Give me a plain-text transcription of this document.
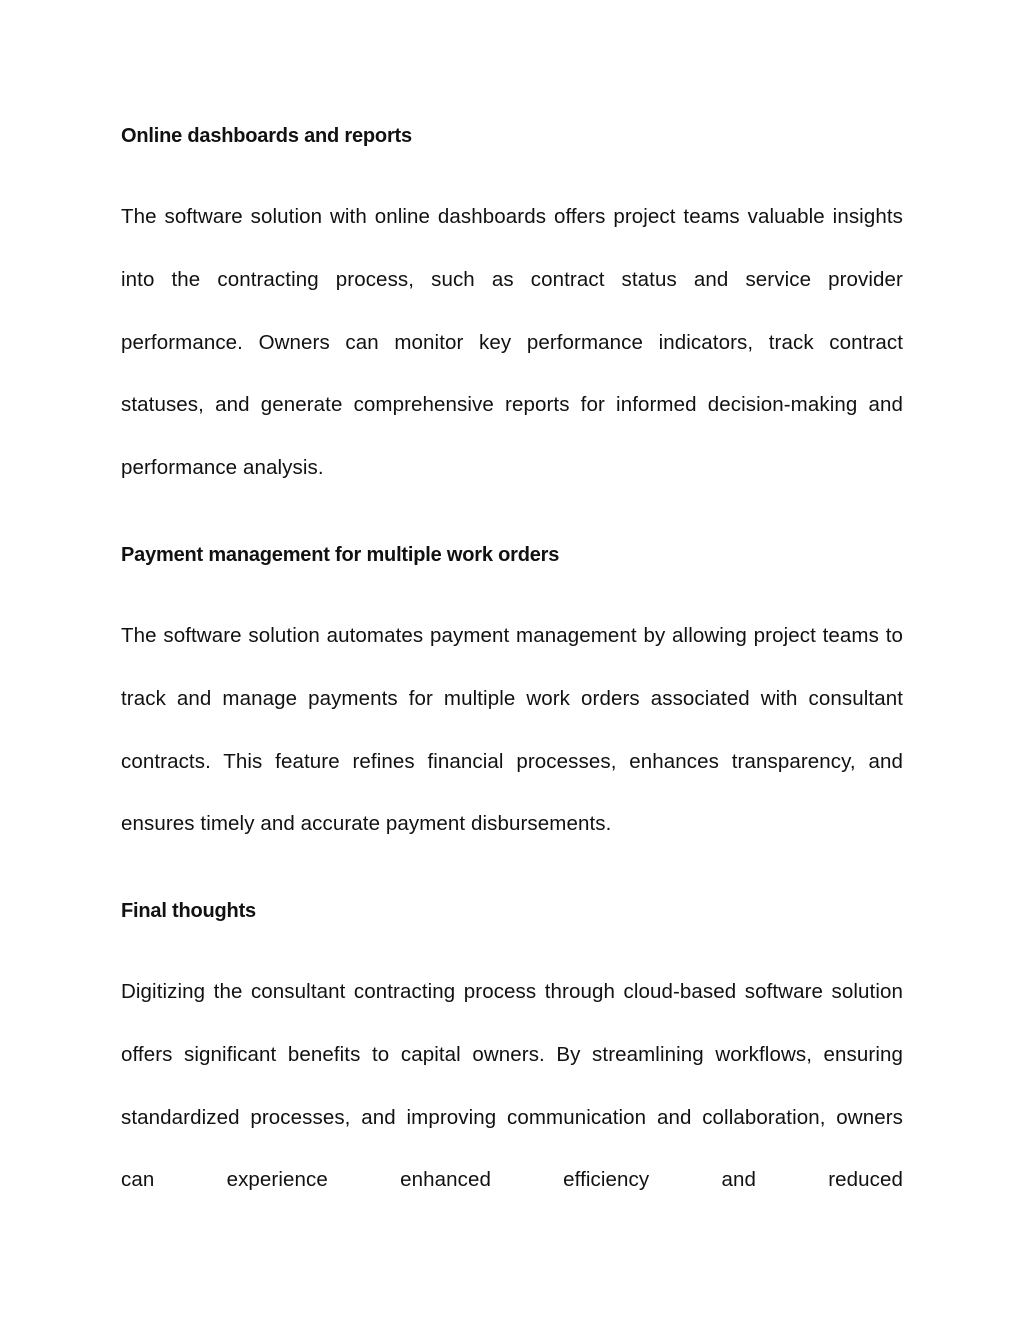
Online dashboards and reports

The software solution with online dashboards offers project teams valuable insights into the contracting process, such as contract status and service provider performance. Owners can monitor key performance indicators, track contract statuses, and generate comprehensive reports for informed decision-making and performance analysis.

Payment management for multiple work orders

The software solution automates payment management by allowing project teams to track and manage payments for multiple work orders associated with consultant contracts. This feature refines financial processes, enhances transparency, and ensures timely and accurate payment disbursements.

Final thoughts

Digitizing the consultant contracting process through cloud-based software solution offers significant benefits to capital owners. By streamlining workflows, ensuring standardized processes, and improving communication and collaboration, owners can experience enhanced efficiency and reduced
